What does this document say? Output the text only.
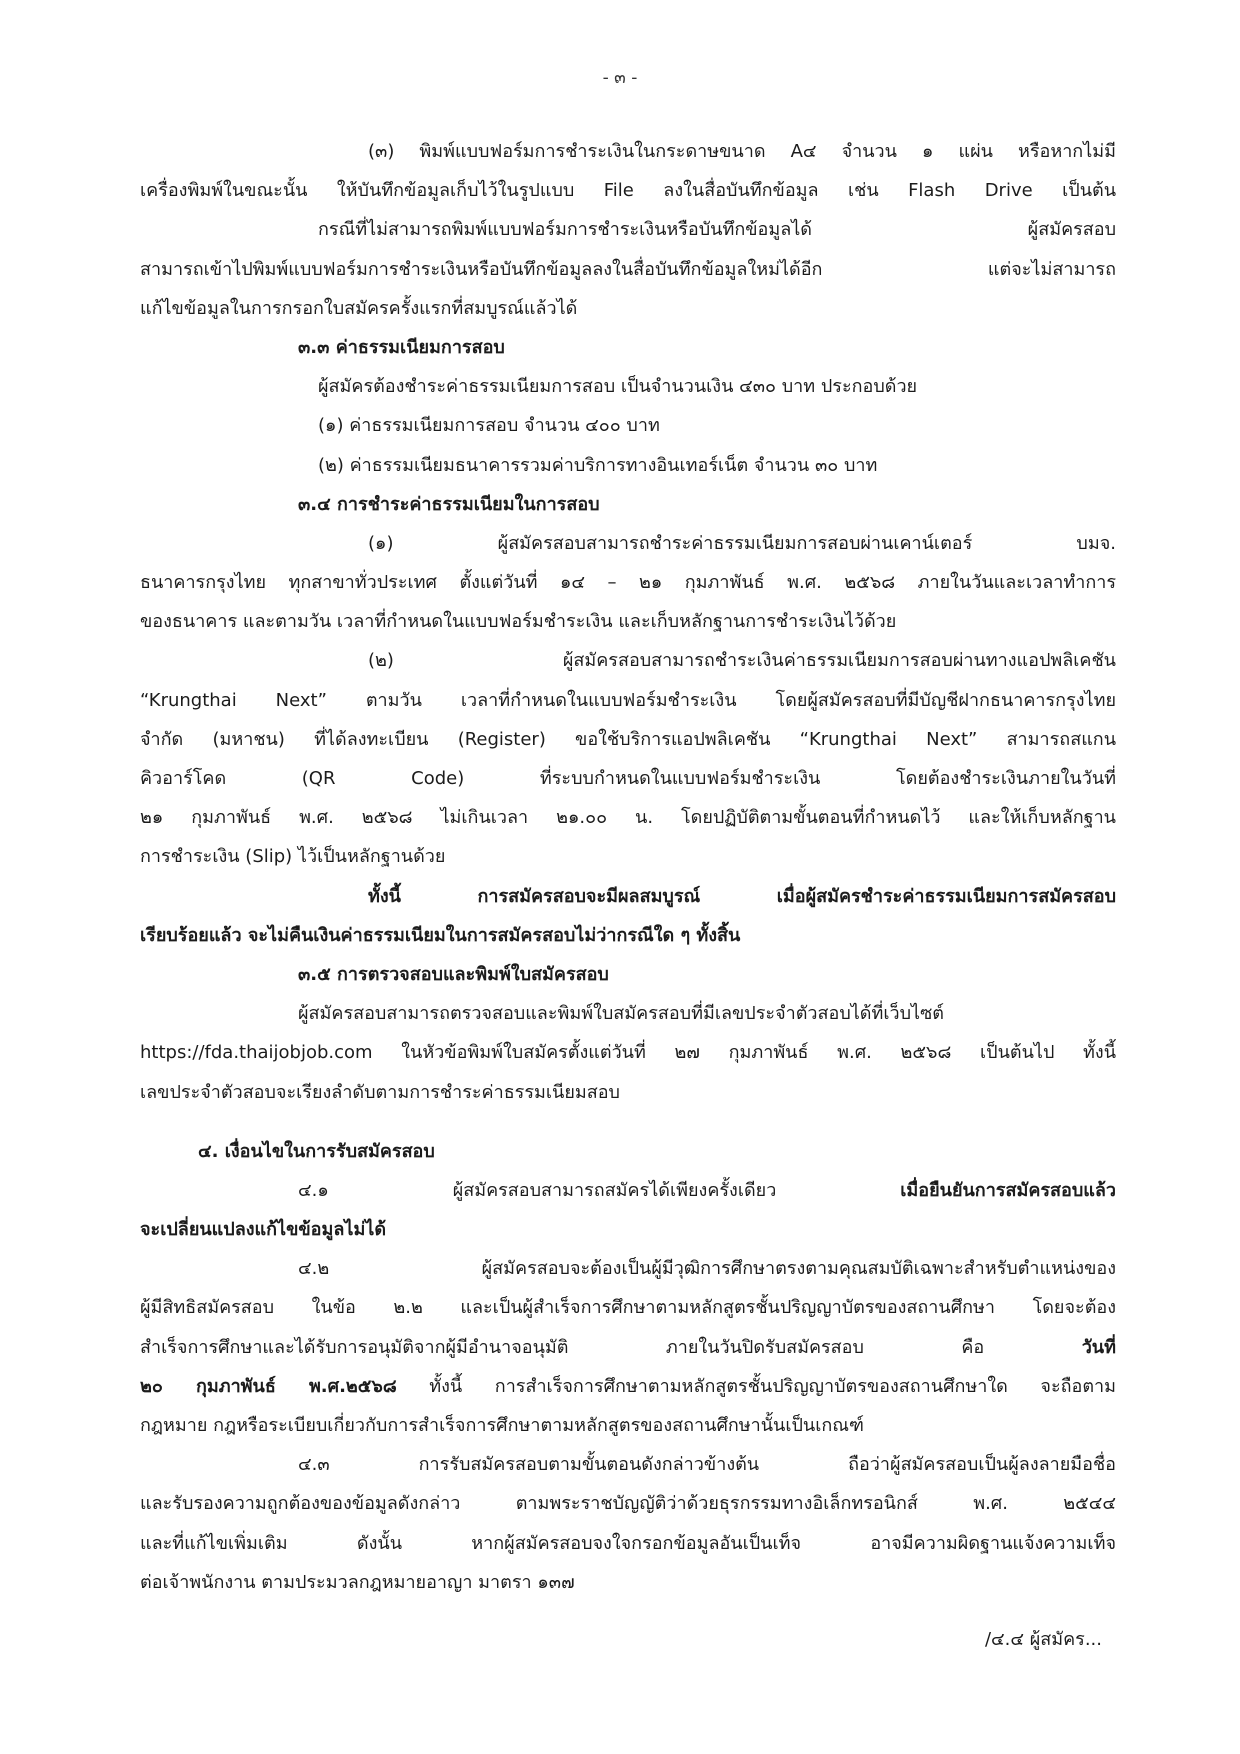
- ๓ -
(๓) พิมพ์แบบฟอร์มการชำระเงินในกระดาษขนาด A๔ จำนวน ๑ แผ่น หรือหากไม่มี
เครื่องพิมพ์ในขณะนั้น ให้บันทึกข้อมูลเก็บไว้ในรูปแบบ File ลงในสื่อบันทึกข้อมูล เช่น Flash Drive เป็นต้น
กรณีที่ไม่สามารถพิมพ์แบบฟอร์มการชำระเงินหรือบันทึกข้อมูลได้ ผู้สมัครสอบ
สามารถเข้าไปพิมพ์แบบฟอร์มการชำระเงินหรือบันทึกข้อมูลลงในสื่อบันทึกข้อมูลใหม่ได้อีก แต่จะไม่สามารถ
แก้ไขข้อมูลในการกรอกใบสมัครครั้งแรกที่สมบูรณ์แล้วได้
๓.๓ ค่าธรรมเนียมการสอบ
ผู้สมัครต้องชำระค่าธรรมเนียมการสอบ เป็นจำนวนเงิน ๔๓๐ บาท ประกอบด้วย
(๑) ค่าธรรมเนียมการสอบ จำนวน ๔๐๐ บาท
(๒) ค่าธรรมเนียมธนาคารรวมค่าบริการทางอินเทอร์เน็ต จำนวน ๓๐ บาท
๓.๔ การชำระค่าธรรมเนียมในการสอบ
(๑) ผู้สมัครสอบสามารถชำระค่าธรรมเนียมการสอบผ่านเคาน์เตอร์ บมจ.
ธนาคารกรุงไทย ทุกสาขาทั่วประเทศ ตั้งแต่วันที่ ๑๔ – ๒๑ กุมภาพันธ์ พ.ศ. ๒๕๖๘ ภายในวันและเวลาทำการ
ของธนาคาร และตามวัน เวลาที่กำหนดในแบบฟอร์มชำระเงิน และเก็บหลักฐานการชำระเงินไว้ด้วย
(๒) ผู้สมัครสอบสามารถชำระเงินค่าธรรมเนียมการสอบผ่านทางแอปพลิเคชัน
“Krungthai Next” ตามวัน เวลาที่กำหนดในแบบฟอร์มชำระเงิน โดยผู้สมัครสอบที่มีบัญชีฝากธนาคารกรุงไทย
จำกัด (มหาชน) ที่ได้ลงทะเบียน (Register) ขอใช้บริการแอปพลิเคชัน “Krungthai Next” สามารถสแกน
คิวอาร์โคด (QR Code) ที่ระบบกำหนดในแบบฟอร์มชำระเงิน โดยต้องชำระเงินภายในวันที่
๒๑ กุมภาพันธ์ พ.ศ. ๒๕๖๘ ไม่เกินเวลา ๒๑.๐๐ น. โดยปฏิบัติตามขั้นตอนที่กำหนดไว้ และให้เก็บหลักฐาน
การชำระเงิน (Slip) ไว้เป็นหลักฐานด้วย
ทั้งนี้ การสมัครสอบจะมีผลสมบูรณ์ เมื่อผู้สมัครชำระค่าธรรมเนียมการสมัครสอบ
เรียบร้อยแล้ว จะไม่คืนเงินค่าธรรมเนียมในการสมัครสอบไม่ว่ากรณีใด ๆ ทั้งสิ้น
๓.๕ การตรวจสอบและพิมพ์ใบสมัครสอบ
ผู้สมัครสอบสามารถตรวจสอบและพิมพ์ใบสมัครสอบที่มีเลขประจำตัวสอบได้ที่เว็บไซต์
https://fda.thaijobjob.com ในหัวข้อพิมพ์ใบสมัครตั้งแต่วันที่ ๒๗ กุมภาพันธ์ พ.ศ. ๒๕๖๘ เป็นต้นไป ทั้งนี้
เลขประจำตัวสอบจะเรียงลำดับตามการชำระค่าธรรมเนียมสอบ
๔. เงื่อนไขในการรับสมัครสอบ
๔.๑ ผู้สมัครสอบสามารถสมัครได้เพียงครั้งเดียว	เมื่อยืนยันการสมัครสอบแล้ว
จะเปลี่ยนแปลงแก้ไขข้อมูลไม่ได้
๔.๒ ผู้สมัครสอบจะต้องเป็นผู้มีวุฒิการศึกษาตรงตามคุณสมบัติเฉพาะสำหรับตำแหน่งของ
ผู้มีสิทธิสมัครสอบ ในข้อ ๒.๒ และเป็นผู้สำเร็จการศึกษาตามหลักสูตรชั้นปริญญาบัตรของสถานศึกษา โดยจะต้อง
สำเร็จการศึกษาและได้รับการอนุมัติจากผู้มีอำนาจอนุมัติ ภายในวันปิดรับสมัครสอบ คือ	วันที่
๒๐ กุมภาพันธ์ พ.ศ.๒๕๖๘ ทั้งนี้ การสำเร็จการศึกษาตามหลักสูตรชั้นปริญญาบัตรของสถานศึกษาใด จะถือตาม
กฎหมาย กฎหรือระเบียบเกี่ยวกับการสำเร็จการศึกษาตามหลักสูตรของสถานศึกษานั้นเป็นเกณฑ์
๔.๓ การรับสมัครสอบตามขั้นตอนดังกล่าวข้างต้น ถือว่าผู้สมัครสอบเป็นผู้ลงลายมือชื่อ
และรับรองความถูกต้องของข้อมูลดังกล่าว ตามพระราชบัญญัติว่าด้วยธุรกรรมทางอิเล็กทรอนิกส์ พ.ศ. ๒๕๔๔
และที่แก้ไขเพิ่มเติม ดังนั้น หากผู้สมัครสอบจงใจกรอกข้อมูลอันเป็นเท็จ อาจมีความผิดฐานแจ้งความเท็จ
ต่อเจ้าพนักงาน ตามประมวลกฎหมายอาญา มาตรา ๑๓๗
/๔.๔ ผู้สมัคร...
